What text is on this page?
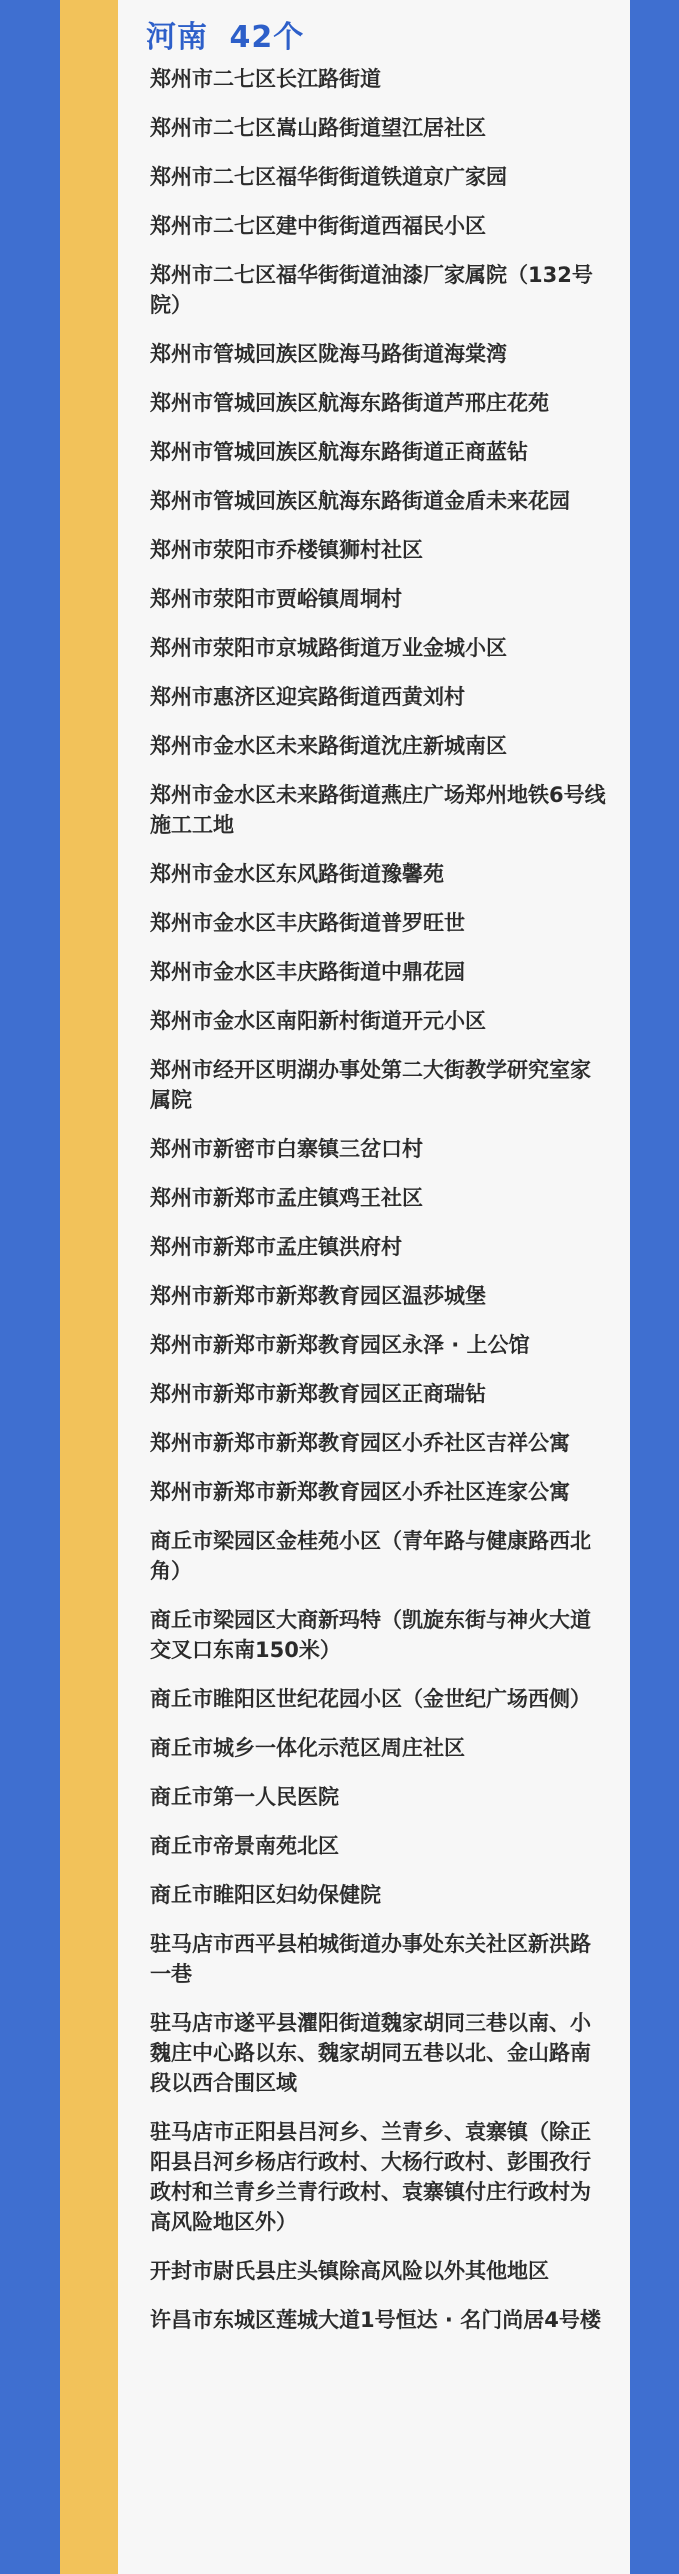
河南 42个
郑州市二七区长江路街道
郑州市二七区嵩山路街道望江居社区
郑州市二七区福华街街道铁道京广家园
郑州市二七区建中街街道西福民小区
郑州市二七区福华街街道油漆厂家属院（132号院）
郑州市管城回族区陇海马路街道海棠湾
郑州市管城回族区航海东路街道芦邢庄花苑
郑州市管城回族区航海东路街道正商蓝钻
郑州市管城回族区航海东路街道金盾未来花园
郑州市荥阳市乔楼镇狮村社区
郑州市荥阳市贾峪镇周垌村
郑州市荥阳市京城路街道万业金城小区
郑州市惠济区迎宾路街道西黄刘村
郑州市金水区未来路街道沈庄新城南区
郑州市金水区未来路街道燕庄广场郑州地铁6号线施工工地
郑州市金水区东风路街道豫馨苑
郑州市金水区丰庆路街道普罗旺世
郑州市金水区丰庆路街道中鼎花园
郑州市金水区南阳新村街道开元小区
郑州市经开区明湖办事处第二大街教学研究室家属院
郑州市新密市白寨镇三岔口村
郑州市新郑市孟庄镇鸡王社区
郑州市新郑市孟庄镇洪府村
郑州市新郑市新郑教育园区温莎城堡
郑州市新郑市新郑教育园区永泽 · 上公馆
郑州市新郑市新郑教育园区正商瑞钻
郑州市新郑市新郑教育园区小乔社区吉祥公寓
郑州市新郑市新郑教育园区小乔社区连家公寓
商丘市梁园区金桂苑小区（青年路与健康路西北角）
商丘市梁园区大商新玛特（凯旋东街与神火大道交叉口东南150米）
商丘市睢阳区世纪花园小区（金世纪广场西侧）
商丘市城乡一体化示范区周庄社区
商丘市第一人民医院
商丘市帝景南苑北区
商丘市睢阳区妇幼保健院
驻马店市西平县柏城街道办事处东关社区新洪路一巷
驻马店市遂平县灈阳街道魏家胡同三巷以南、小魏庄中心路以东、魏家胡同五巷以北、金山路南段以西合围区域
驻马店市正阳县吕河乡、兰青乡、袁寨镇（除正阳县吕河乡杨店行政村、大杨行政村、彭围孜行政村和兰青乡兰青行政村、袁寨镇付庄行政村为高风险地区外）
开封市尉氏县庄头镇除高风险以外其他地区
许昌市东城区莲城大道1号恒达 · 名门尚居4号楼
